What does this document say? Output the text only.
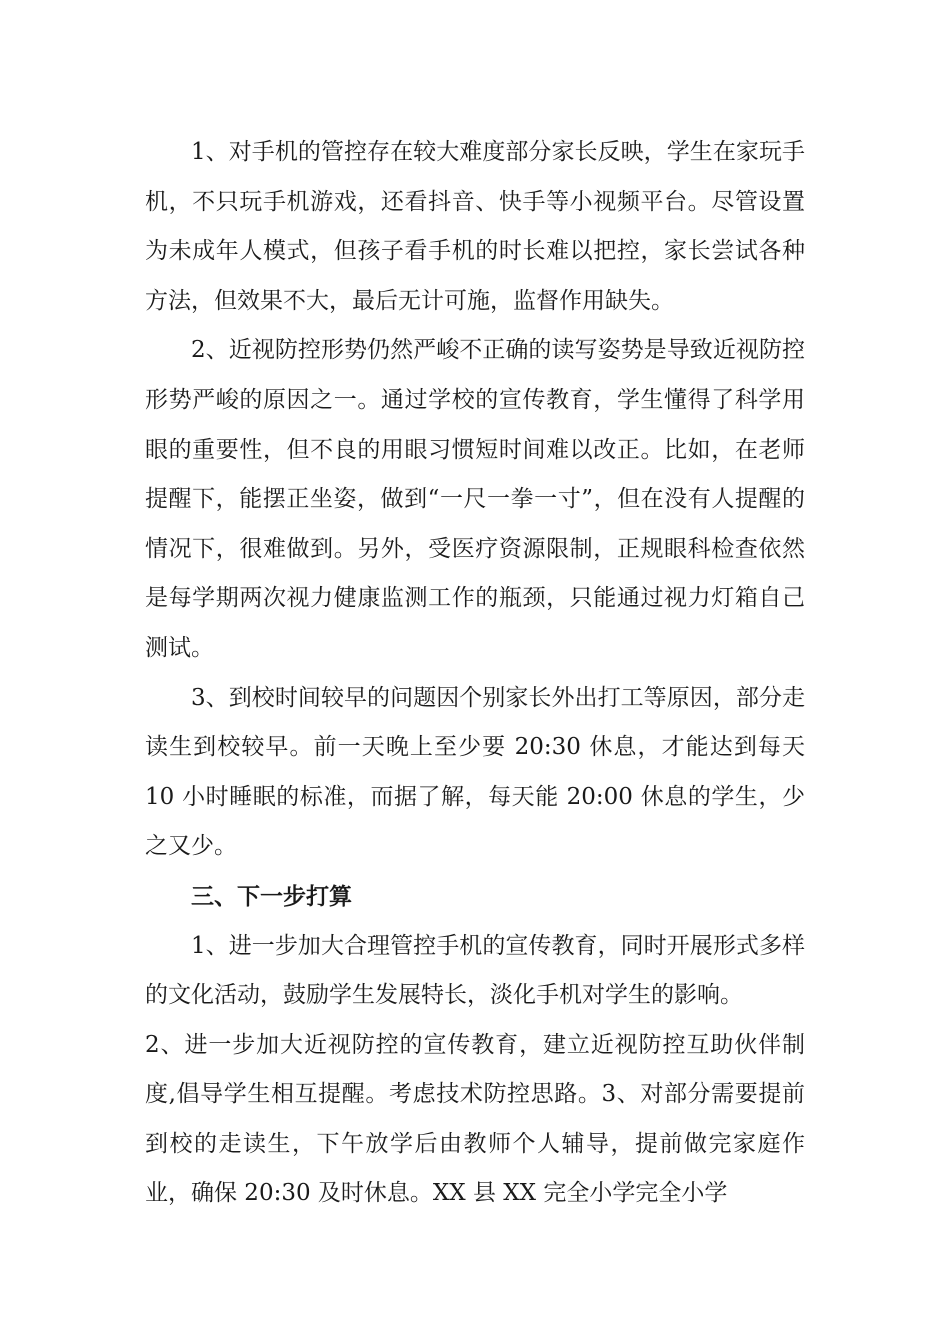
1、对手机的管控存在较大难度部分家长反映，学生在家玩手机，不只玩手机游戏，还看抖音、快手等小视频平台。尽管设置为未成年人模式，但孩子看手机的时长难以把控，家长尝试各种方法，但效果不大，最后无计可施，监督作用缺失。

2、近视防控形势仍然严峻不正确的读写姿势是导致近视防控形势严峻的原因之一。通过学校的宣传教育，学生懂得了科学用眼的重要性，但不良的用眼习惯短时间难以改正。比如，在老师提醒下，能摆正坐姿，做到“一尺一拳一寸”，但在没有人提醒的情况下，很难做到。另外，受医疗资源限制，正规眼科检查依然是每学期两次视力健康监测工作的瓶颈，只能通过视力灯箱自己测试。

3、到校时间较早的问题因个别家长外出打工等原因，部分走读生到校较早。前一天晚上至少要 20:30 休息，才能达到每天 10 小时睡眠的标准，而据了解，每天能 20:00 休息的学生，少之又少。

三、下一步打算

1、进一步加大合理管控手机的宣传教育，同时开展形式多样的文化活动，鼓励学生发展特长，淡化手机对学生的影响。

2、进一步加大近视防控的宣传教育，建立近视防控互助伙伴制度,倡导学生相互提醒。考虑技术防控思路。3、对部分需要提前到校的走读生，下午放学后由教师个人辅导，提前做完家庭作业，确保 20:30 及时休息。XX 县 XX 完全小学完全小学
